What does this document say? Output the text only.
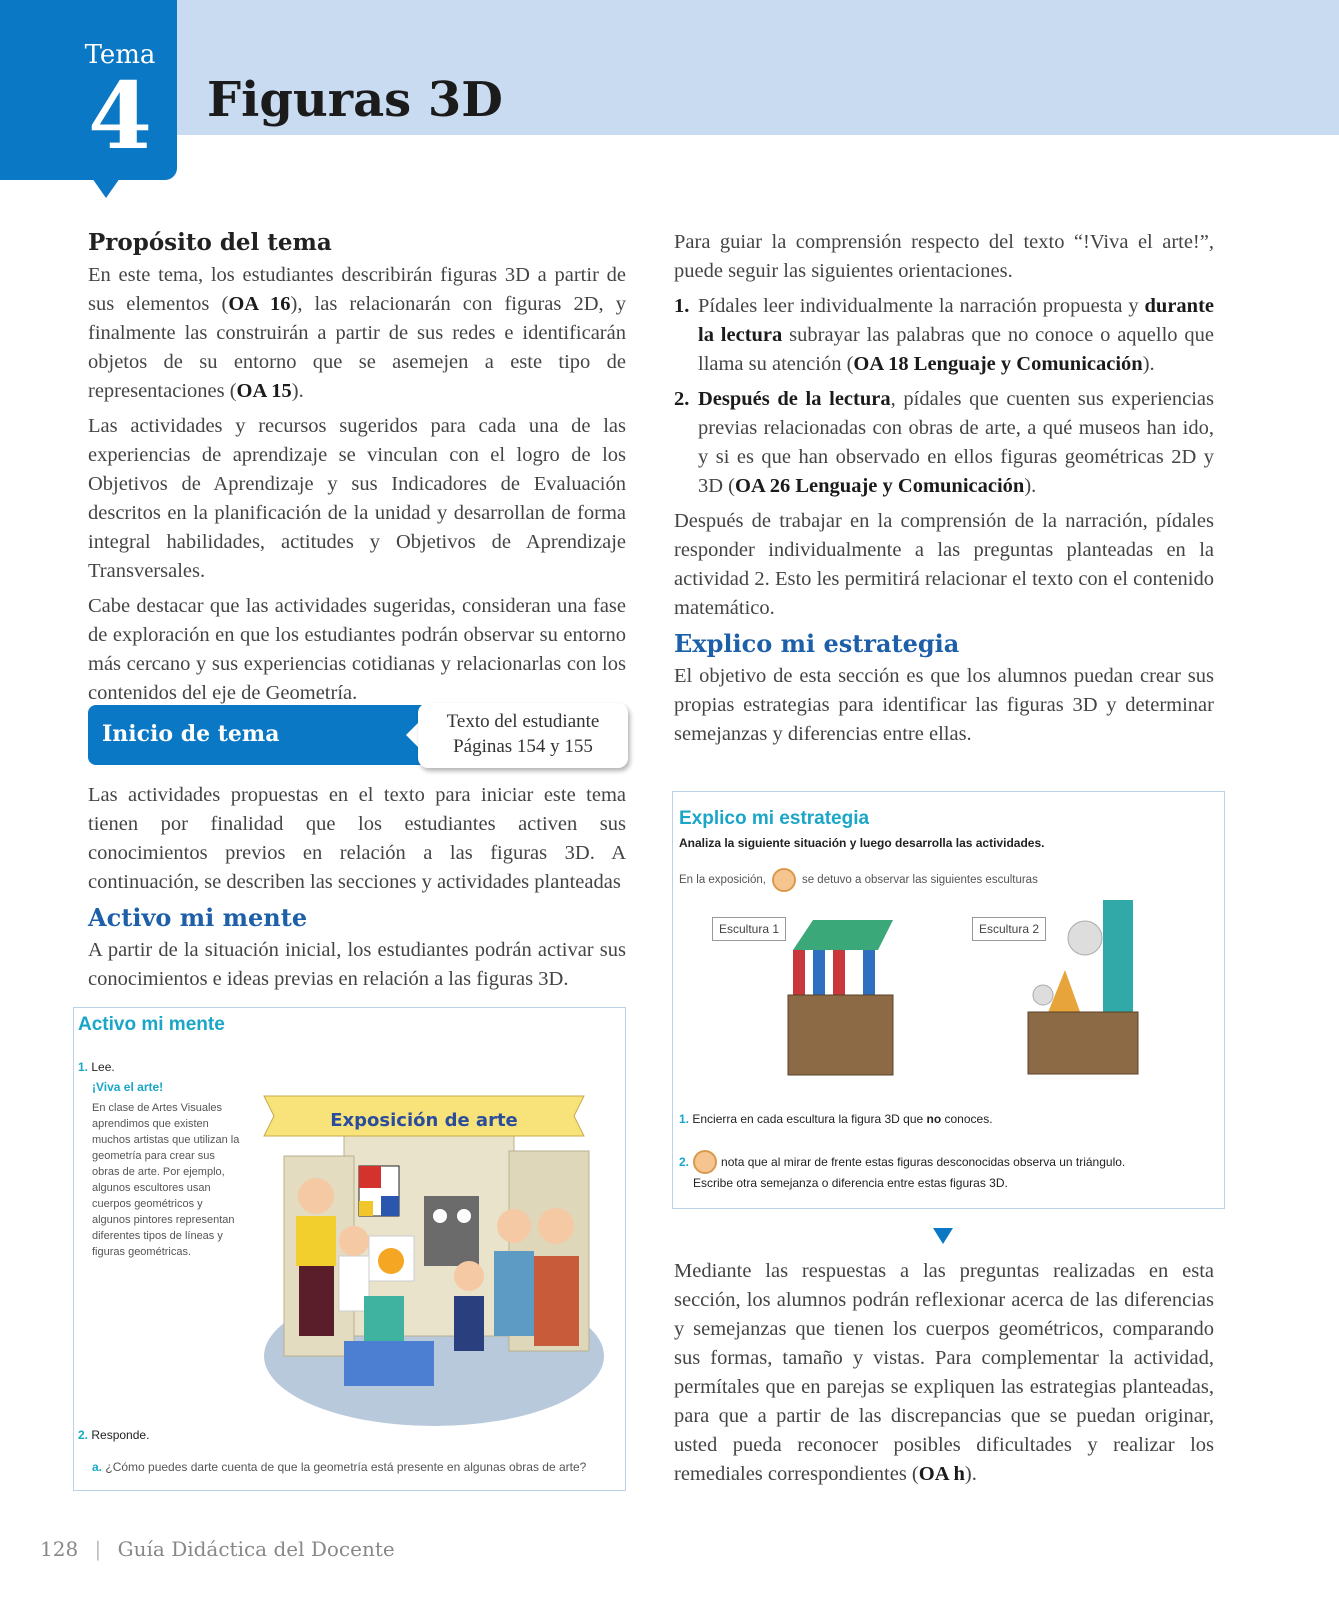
Tema
4 Figuras 3D
Propósito del tema

En este tema, los estudiantes describirán figuras 3D a partir de sus elementos (OA 16), las relacionarán con figuras 2D, y finalmente las construirán a partir de sus redes e identificarán objetos de su entorno que se asemejen a este tipo de representaciones (OA 15).

Las actividades y recursos sugeridos para cada una de las experiencias de aprendizaje se vinculan con el logro de los Objetivos de Aprendizaje y sus Indicadores de Evaluación descritos en la planificación de la unidad y desarrollan de forma integral habilidades, actitudes y Objetivos de Aprendizaje Transversales.

Cabe destacar que las actividades sugeridas, consideran una fase de exploración en que los estudiantes podrán observar su entorno más cercano y sus experiencias cotidianas y relacionarlas con los contenidos del eje de Geometría.

Inicio de tema	Texto del estudiante
Páginas 154 y 155

Las actividades propuestas en el texto para iniciar este tema tienen por finalidad que los estudiantes activen sus conocimientos previos en relación a las figuras 3D. A continuación, se describen las secciones y actividades planteadas

Activo mi mente

A partir de la situación inicial, los estudiantes podrán activar sus conocimientos e ideas previas en relación a las figuras 3D.

Activo mi mente
1. Lee.
¡Viva el arte!
En clase de Artes Visuales aprendimos que existen muchos artistas que utilizan la geometría para crear sus obras de arte. Por ejemplo, algunos escultores usan cuerpos geométricos y algunos pintores representan diferentes tipos de líneas y figuras geométricas.
Exposición de arte
2. Responde.
a. ¿Cómo puedes darte cuenta de que la geometría está presente en algunas obras de arte?

Para guiar la comprensión respecto del texto “!Viva el arte!”, puede seguir las siguientes orientaciones.

1. Pídales leer individualmente la narración propuesta y durante la lectura subrayar las palabras que no conoce o aquello que llama su atención (OA 18 Lenguaje y Comunicación).
2. Después de la lectura, pídales que cuenten sus experiencias previas relacionadas con obras de arte, a qué museos han ido, y si es que han observado en ellos figuras geométricas 2D y 3D (OA 26 Lenguaje y Comunicación).

Después de trabajar en la comprensión de la narración, pídales responder individualmente a las preguntas planteadas en la actividad 2. Esto les permitirá relacionar el texto con el contenido matemático.

Explico mi estrategia

El objetivo de esta sección es que los alumnos puedan crear sus propias estrategias para identificar las figuras 3D y determinar semejanzas y diferencias entre ellas.

Explico mi estrategia
Analiza la siguiente situación y luego desarrolla las actividades.
En la exposición,	se detuvo a observar las siguientes esculturas
Escultura 1	Escultura 2
1. Encierra en cada escultura la figura 3D que no conoces.
2.	nota que al mirar de frente estas figuras desconocidas observa un triángulo.
Escribe otra semejanza o diferencia entre estas figuras 3D.

Mediante las respuestas a las preguntas realizadas en esta sección, los alumnos podrán reflexionar acerca de las diferencias y semejanzas que tienen los cuerpos geométricos, comparando sus formas, tamaño y vistas. Para complementar la actividad, permítales que en parejas se expliquen las estrategias planteadas, para que a partir de las discrepancias que se puedan originar, usted pueda reconocer posibles dificultades y realizar los remediales correspondientes (OA h).

128 | Guía Didáctica del Docente
